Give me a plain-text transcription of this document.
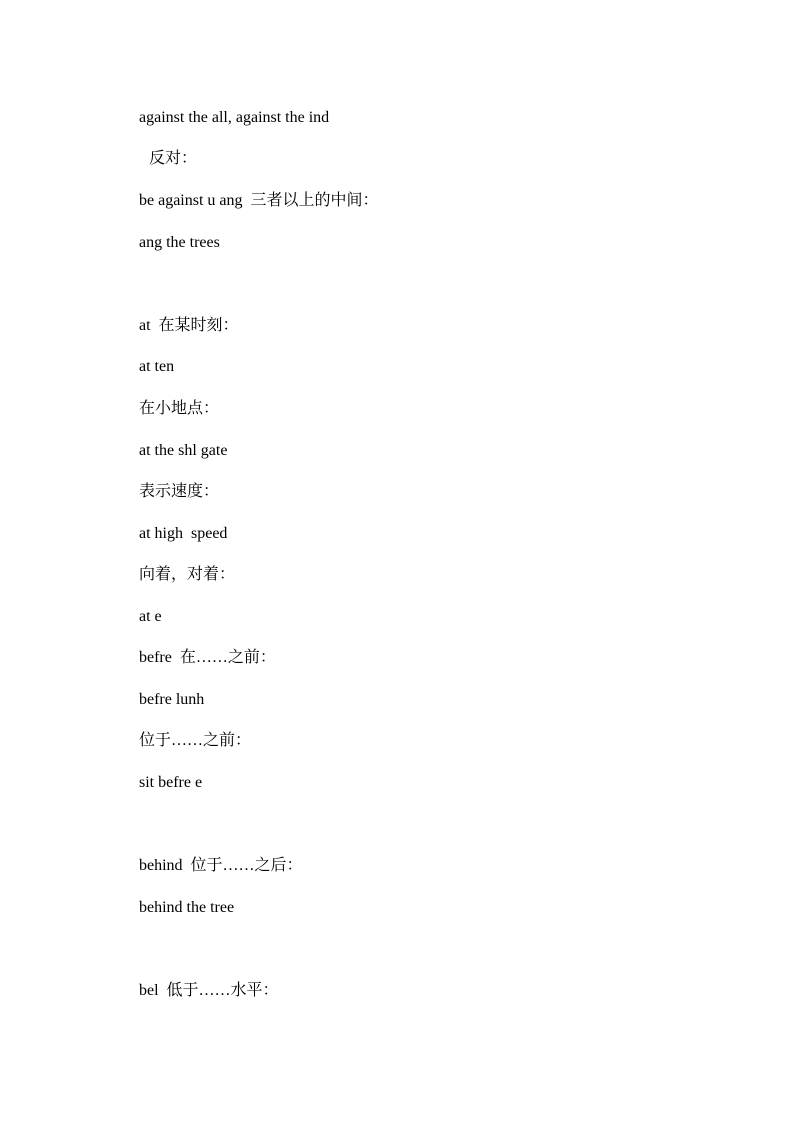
against the all, against the ind
反对：
be against u ang  三者以上的中间：
ang the trees
at  在某时刻：
at ten
在小地点：
at the shl gate
表示速度：
at high  speed
向着，对着：
at e
befre  在……之前：
befre lunh
位于……之前：
sit befre e
behind  位于……之后：
behind the tree
bel  低于……水平：
